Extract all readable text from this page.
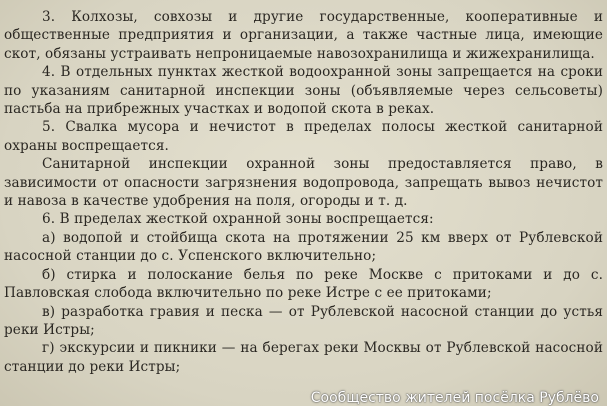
3. Колхозы, совхозы и другие государственные, кооперативные и общественные предприятия и организации, а также частные лица, имеющие скот, обязаны устраивать непроницаемые навозохранилища и жижехранилища.

4. В отдельных пунктах жесткой водоохранной зоны запрещается на сроки по указаниям санитарной инспекции зоны (объявляемые через сельсоветы) пастьба на прибрежных участках и водопой скота в реках.

5. Свалка мусора и нечистот в пределах полосы жесткой санитарной охраны воспрещается.

Санитарной инспекции охранной зоны предоставляется право, в зависимости от опасности загрязнения водопровода, запрещать вывоз нечистот и навоза в качестве удобрения на поля, огороды и т. д.

6. В пределах жесткой охранной зоны воспрещается:

а) водопой и стойбища скота на протяжении 25 км вверх от Рублевской насосной станции до с. Успенского включительно;

б) стирка и полоскание белья по реке Москве с притоками и до с. Павловская слобода включительно по реке Истре с ее притоками;

в) разработка гравия и песка — от Рублевской насосной станции до устья реки Истры;

г) экскурсии и пикники — на берегах реки Москвы от Рублевской насосной станции до реки Истры;

Сообщество жителей посёлка Рублёво
